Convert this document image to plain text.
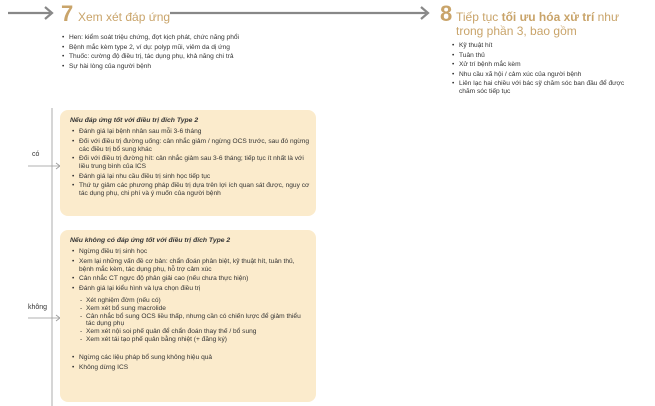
7 Xem xét đáp ứng
• Hen: kiểm soát triệu chứng, đợt kịch phát, chức năng phổi
• Bệnh mắc kèm type 2, ví dụ: polyp mũi, viêm da dị ứng
• Thuốc: cường độ điều trị, tác dụng phụ, khả năng chi trả
• Sự hài lòng của người bệnh
8 Tiếp tục tối ưu hóa xử trí như trong phần 3, bao gồm
• Kỹ thuật hít
• Tuân thủ
• Xử trí bệnh mắc kèm
• Nhu cầu xã hội / cảm xúc của người bệnh
• Liên lạc hai chiều với bác sỹ chăm sóc ban đầu để được chăm sóc tiếp tục
có
không
Nếu đáp ứng tốt với điều trị đích Type 2
• Đánh giá lại bệnh nhân sau mỗi 3-6 tháng
• Đối với điều trị đường uống: cân nhắc giảm / ngừng OCS trước, sau đó ngừng các điều trị bổ sung khác
• Đối với điều trị đường hít: cân nhắc giảm sau 3-6 tháng; tiếp tục ít nhất là với liều trung bình của ICS
• Đánh giá lại nhu cầu điều trị sinh học tiếp tục
• Thứ tự giảm các phương pháp điều trị dựa trên lợi ích quan sát được, nguy cơ tác dụng phụ, chi phí và ý muốn của người bệnh
Nếu không có đáp ứng tốt với điều trị đích Type 2
• Ngừng điều trị sinh học
• Xem lại những vấn đề cơ bản: chẩn đoán phân biệt, kỹ thuật hít, tuân thủ, bệnh mắc kèm, tác dụng phụ, hỗ trợ cảm xúc
• Cân nhắc CT ngực độ phân giải cao (nếu chưa thực hiện)
• Đánh giá lại kiểu hình và lựa chọn điều trị
- Xét nghiệm đờm (nếu có)
- Xem xét bổ sung macrolide
- Cân nhắc bổ sung OCS liều thấp, nhưng cần có chiến lược để giảm thiểu tác dụng phụ
- Xem xét nội soi phế quản để chẩn đoán thay thế / bổ sung
- Xem xét tái tạo phế quản bằng nhiệt (+ đăng ký)
• Ngừng các liệu pháp bổ sung không hiệu quả
• Không dừng ICS
